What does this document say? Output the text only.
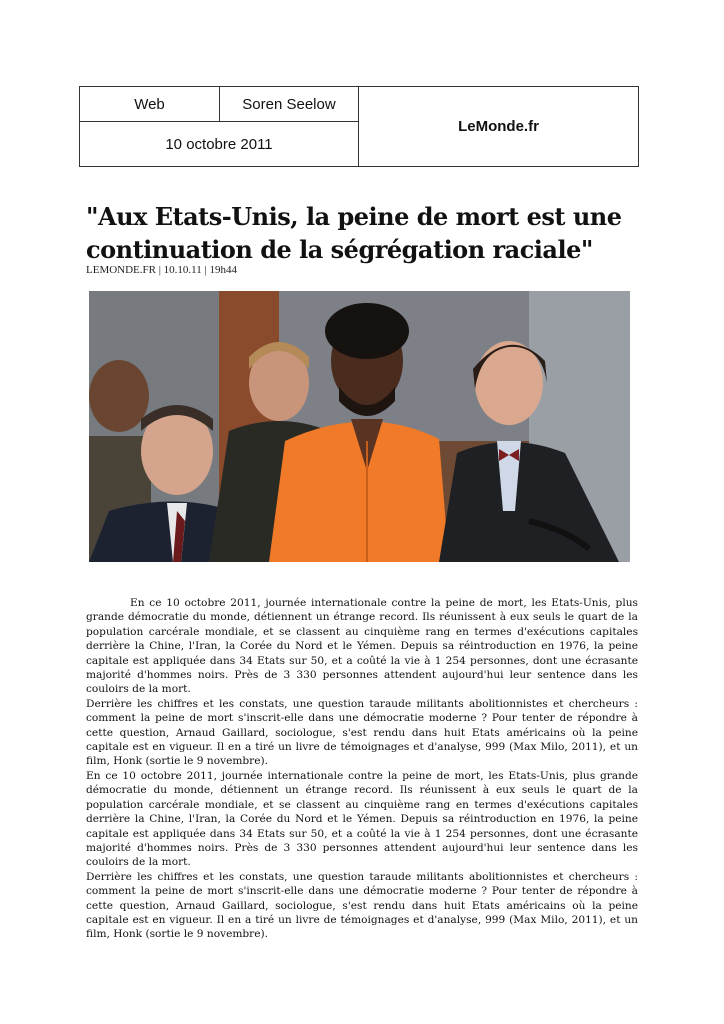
Web	Soren Seelow
10 octobre 2011
LeMonde.fr
"Aux Etats-Unis, la peine de mort est une continuation de la ségrégation raciale"
LEMONDE.FR | 10.10.11 | 19h44

En ce 10 octobre 2011, journée internationale contre la peine de mort, les Etats-Unis, plus grande démocratie du monde, détiennent un étrange record. Ils réunissent à eux seuls le quart de la population carcérale mondiale, et se classent au cinquième rang en termes d'exécutions capitales derrière la Chine, l'Iran, la Corée du Nord et le Yémen. Depuis sa réintroduction en 1976, la peine capitale est appliquée dans 34 Etats sur 50, et a coûté la vie à 1 254 personnes, dont une écrasante majorité d'hommes noirs. Près de 3 330 personnes attendent aujourd'hui leur sentence dans les couloirs de la mort.

Derrière les chiffres et les constats, une question taraude militants abolitionnistes et chercheurs : comment la peine de mort s'inscrit-elle dans une démocratie moderne ? Pour tenter de répondre à cette question, Arnaud Gaillard, sociologue, s'est rendu dans huit Etats américains où la peine capitale est en vigueur. Il en a tiré un livre de témoignages et d'analyse, 999 (Max Milo, 2011), et un film, Honk (sortie le 9 novembre).

En ce 10 octobre 2011, journée internationale contre la peine de mort, les Etats-Unis, plus grande démocratie du monde, détiennent un étrange record. Ils réunissent à eux seuls le quart de la population carcérale mondiale, et se classent au cinquième rang en termes d'exécutions capitales derrière la Chine, l'Iran, la Corée du Nord et le Yémen. Depuis sa réintroduction en 1976, la peine capitale est appliquée dans 34 Etats sur 50, et a coûté la vie à 1 254 personnes, dont une écrasante majorité d'hommes noirs. Près de 3 330 personnes attendent aujourd'hui leur sentence dans les couloirs de la mort.

Derrière les chiffres et les constats, une question taraude militants abolitionnistes et chercheurs : comment la peine de mort s'inscrit-elle dans une démocratie moderne ? Pour tenter de répondre à cette question, Arnaud Gaillard, sociologue, s'est rendu dans huit Etats américains où la peine capitale est en vigueur. Il en a tiré un livre de témoignages et d'analyse, 999 (Max Milo, 2011), et un film, Honk (sortie le 9 novembre).
